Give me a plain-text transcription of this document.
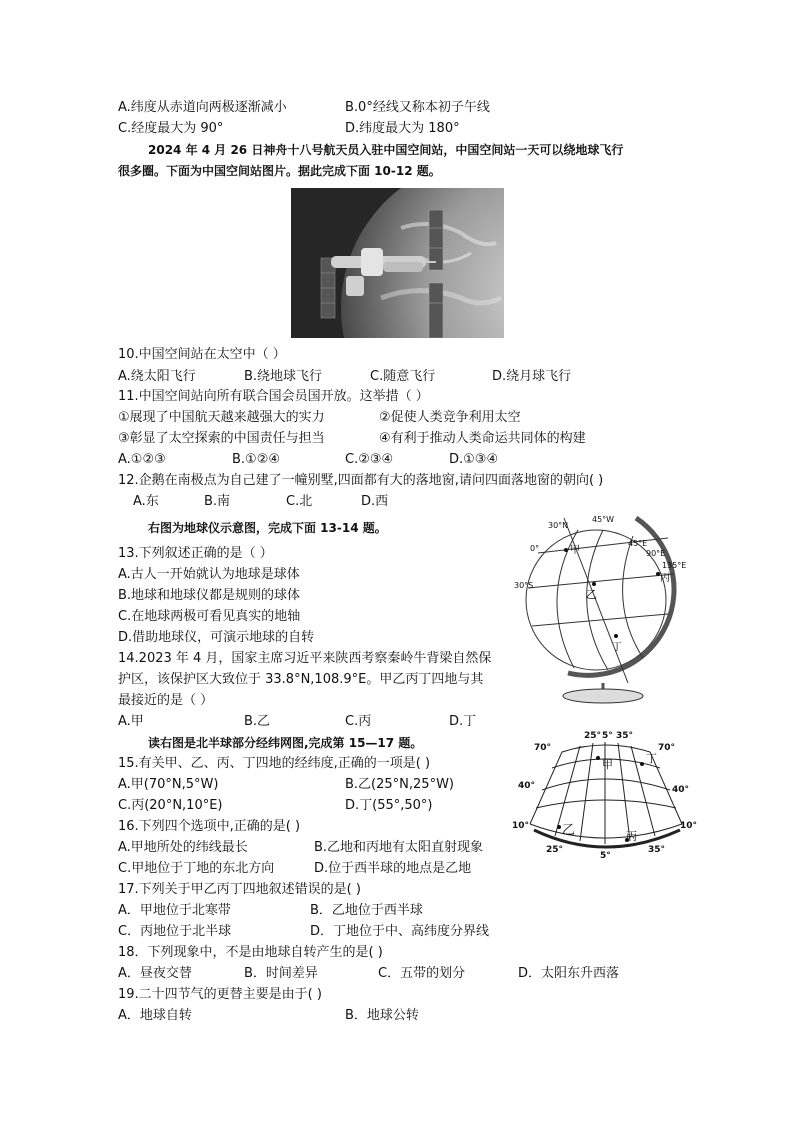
A.纬度从赤道向两极逐渐减小	B.0°经线又称本初子午线
C.经度最大为 90°	D.纬度最大为 180°
2024 年 4 月 26 日神舟十八号航天员入驻中国空间站，中国空间站一天可以绕地球飞行
很多圈。下面为中国空间站图片。据此完成下面 10-12 题。
10.中国空间站在太空中（ ）
A.绕太阳飞行	B.绕地球飞行	C.随意飞行	D.绕月球飞行
11.中国空间站向所有联合国会员国开放。这举措（ ）
①展现了中国航天越来越强大的实力	②促使人类竞争利用太空
③彰显了太空探索的中国责任与担当	④有利于推动人类命运共同体的构建
A.①②③	B.①②④	C.②③④	D.①③④
12.企鹅在南极点为自己建了一幢别墅,四面都有大的落地窗,请问四面落地窗的朝向( )
A.东	B.南	C.北	D.西
右图为地球仪示意图，完成下面 13-14 题。
13.下列叙述正确的是（ ）
A.古人一开始就认为地球是球体
B.地球和地球仪都是规则的球体
C.在地球两极可看见真实的地轴
D.借助地球仪，可演示地球的自转
14.2023 年 4 月，国家主席习近平来陕西考察秦岭牛背梁自然保
护区，该保护区大致位于 33.8°N,108.9°E。甲乙丙丁四地与其
最接近的是（ ）
A.甲	B.乙	C.丙	D.丁
30°N
45°W
0°
45°E
90°E
135°E
30°S
甲
乙
丙
丁
读右图是北半球部分经纬网图,完成第 15—17 题。
15.有关甲、乙、丙、丁四地的经纬度,正确的一项是( )
A.甲(70°N,5°W)	B.乙(25°N,25°W)
C.丙(20°N,10°E)	D.丁(55°,50°)
16.下列四个选项中,正确的是( )
A.甲地所处的纬线最长	B.乙地和丙地有太阳直射现象
C.甲地位于丁地的东北方向	D.位于西半球的地点是乙地
17.下列关于甲乙丙丁四地叙述错误的是( )
A．甲地位于北寒带	B．乙地位于西半球
C．丙地位于北半球	D．丁地位于中、高纬度分界线
18．下列现象中，不是由地球自转产生的是( )
A．昼夜交替	B．时间差异	C．五带的划分	D．太阳东升西落
19.二十四节气的更替主要是由于( )
A．地球自转	B．地球公转
25° 5° 35°
70°	70°
40°	40°
10°	10°
25°
5°
35°
甲	丁
乙	丙
